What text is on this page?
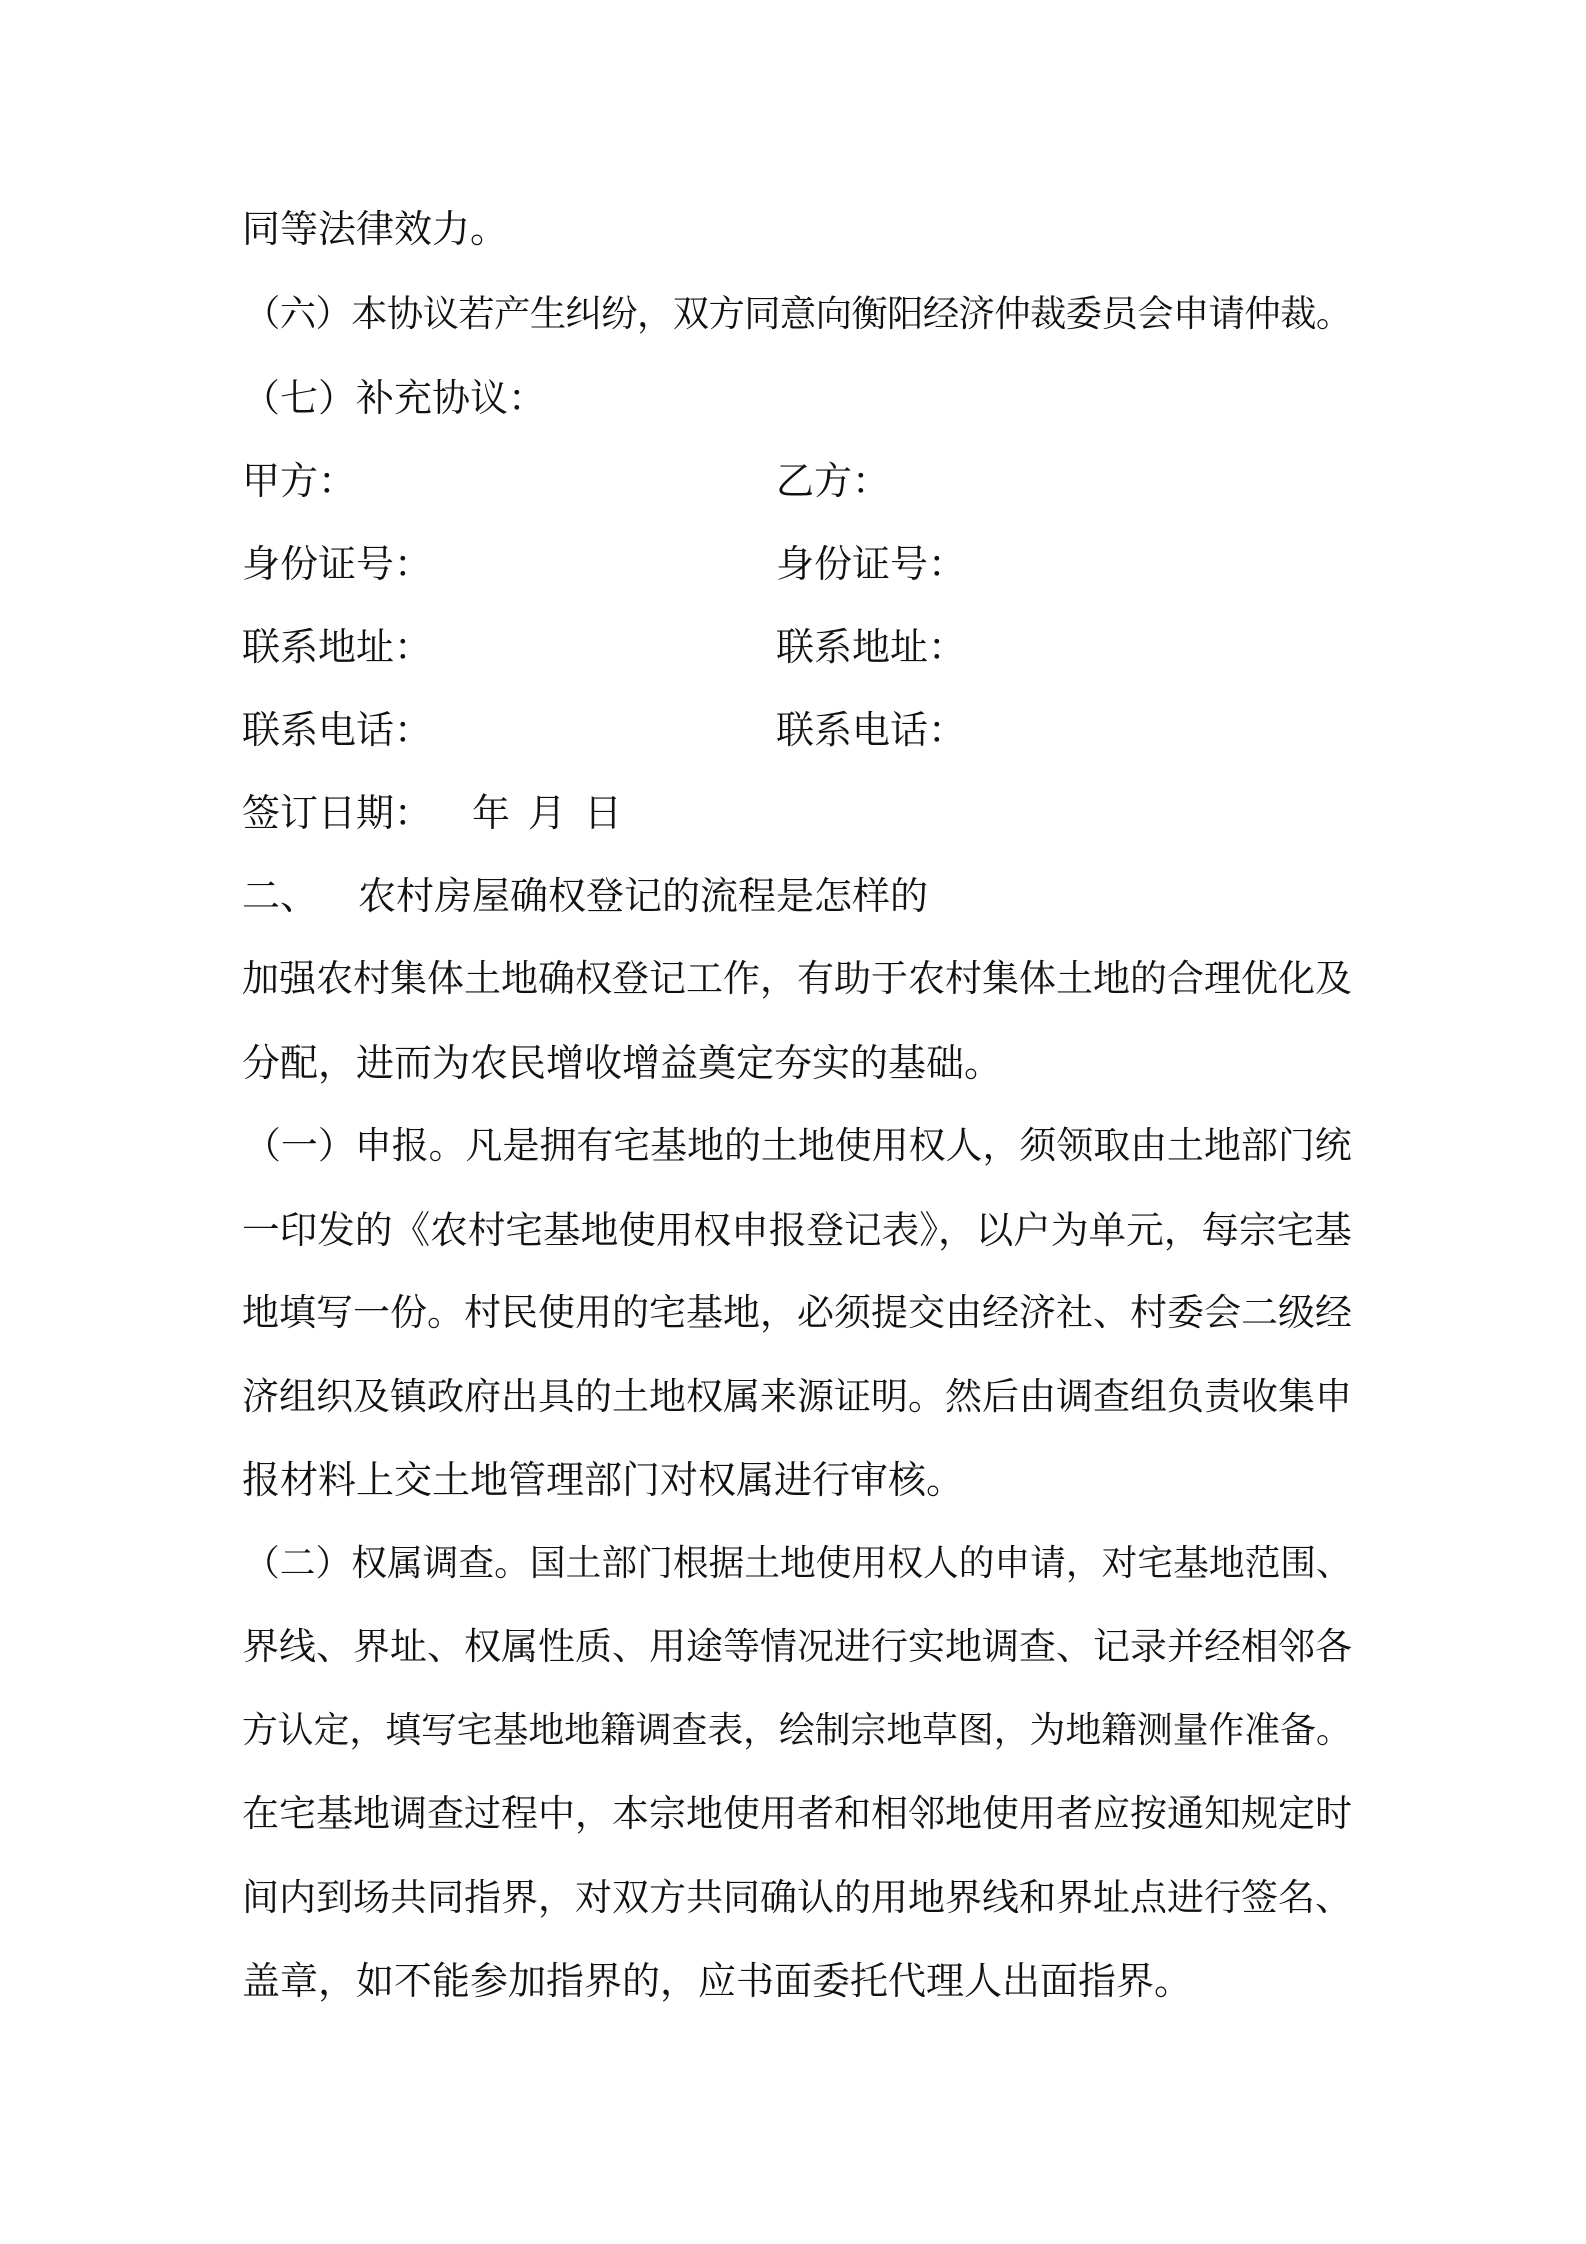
同等法律效力。
（六）本协议若产生纠纷，双方同意向衡阳经济仲裁委员会申请仲裁。
（七）补充协议：
甲方：	乙方：
身份证号：	身份证号：
联系地址：	联系地址：
联系电话：	联系电话：
签订日期： 年 月 日
二、 农村房屋确权登记的流程是怎样的
加强农村集体土地确权登记工作，有助于农村集体土地的合理优化及
分配，进而为农民增收增益奠定夯实的基础。
（一）申报。凡是拥有宅基地的土地使用权人，须领取由土地部门统
一印发的《农村宅基地使用权申报登记表》，以户为单元，每宗宅基
地填写一份。村民使用的宅基地，必须提交由经济社、村委会二级经
济组织及镇政府出具的土地权属来源证明。然后由调查组负责收集申
报材料上交土地管理部门对权属进行审核。
（二）权属调查。国土部门根据土地使用权人的申请，对宅基地范围、
界线、界址、权属性质、用途等情况进行实地调查、记录并经相邻各
方认定，填写宅基地地籍调查表，绘制宗地草图，为地籍测量作准备。
在宅基地调查过程中，本宗地使用者和相邻地使用者应按通知规定时
间内到场共同指界，对双方共同确认的用地界线和界址点进行签名、
盖章，如不能参加指界的，应书面委托代理人出面指界。
